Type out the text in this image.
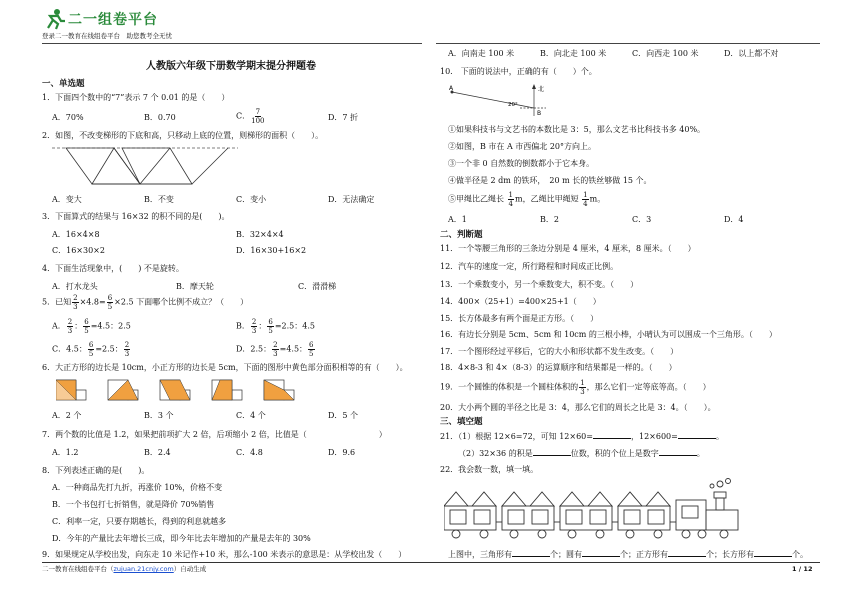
二一组卷平台
登录二一教育在线组卷平台　助您教考全无忧
人教版六年级下册数学期末提分押题卷
一、单选题
1．下面四个数中的“7”表示 7 个 0.01 的是（　　）
A．70%	B．0.70	C． $\frac{7}{100}$	D．7 折
2．如图，不改变梯形的下底和高，只移动上底的位置，则梯形的面积（　　）。
A．变大	B．不变	C．变小	D．无法确定
3．下面算式的结果与 16×32 的积不同的是(　　)。
A．16×4×8	B．32×4×4
C．16×30×2	D．16×30+16×2
4．下面生活现象中，(　　) 不是旋转。
A．打水龙头	B．摩天轮	C．滑滑梯
5．已知 $\frac{2}{3} \times 4.8= \frac{6}{5} \times 2.5$ 下面哪个比例不成立？（　　）
A． $\frac{2}{3}$ ： $\frac{6}{5} =4.5$：2.5	B． $\frac{2}{3}$ ： $\frac{6}{5} =2.5$：4.5
C．4.5： $\frac{6}{5} =2.5$： $\frac{2}{3}$	D．2.5： $\frac{2}{3} =4.5$： $\frac{6}{5}$
6．大正方形的边长是 10cm，小正方形的边长是 5cm，下面的图形中黄色部分面积相等的有（　　）。
A．2 个	B．3 个	C．4 个	D．5 个
7．两个数的比值是 1.2，如果把前项扩大 2 倍，后项缩小 2 倍，比值是（　　　　　　　　　）
A．1.2	B．2.4	C．4.8	D．9.6
8．下列表述正确的是(　　)。
A．一种商品先打九折，再涨价 10%，价格不变
B．一个书包打七折销售，就是降价 70%销售
C．利率一定，只要存期越长，得到的利息就越多
D．今年的产量比去年增长三成，即今年比去年增加的产量是去年的 30%
9．如果规定从学校出发，向东走 10 米记作+10 米，那么-100 米表示的意思是：从学校出发（　　）
二一教育在线组卷平台（zujuan.21cnjy.com）自动生成	1 / 12
A．向南走 100 米	B．向北走 100 米	C．向西走 100 米	D．以上都不对
10.　下面的说法中，正确的有（　　）个。
A	北
B
20°
①如果科技书与文艺书的本数比是 3：5，那么文艺书比科技书多 40%。
②如图，B 市在 A 市西偏北 20°方向上。
③一个非 0 自然数的倒数都小于它本身。
④做半径是 2 dm 的铁环，　20 m 长的铁丝够做 15 个。
⑤甲绳比乙绳长 $\frac{1}{4}$ m，乙绳比甲绳短 $\frac{1}{4}$ m。
A．1	B．2	C．3	D．4
二、判断题
11．一个等腰三角形的三条边分别是 4 厘米，4 厘米，8 厘米。（　　）
12．汽车的速度一定，所行路程和时间成正比例。
13．一个乘数变小，另一个乘数变大，积不变。（　　）
14．400×（25+1）=400×25+1（　　）
15．长方体最多有两个面是正方形。（　　）
16．有边长分别是 5cm、5cm 和 10cm 的三根小棒，小晴认为可以围成一个三角形。（　　）
17．一个图形经过平移后，它的大小和形状都不发生改变。（　　）
18．4×8-3 和 4×（8-3）的运算顺序和结果都是一样的。（　　）
19．一个圆锥的体积是一个圆柱体积的 $\frac{1}{3}$ ，那么它们一定等底等高。（　　）
20．大小两个圆的半径之比是 3：4，那么它们的周长之比是 3：4。（　　）。
三、填空题
21．（1）根据 12×6=72，可知 12×60=	，12×600=	。
（2）32×36 的积是	位数，积的个位上是数字	。
22．我会数一数，填一填。
上图中，三角形有	个；圆有	个；正方形有	个；长方形有	个。
